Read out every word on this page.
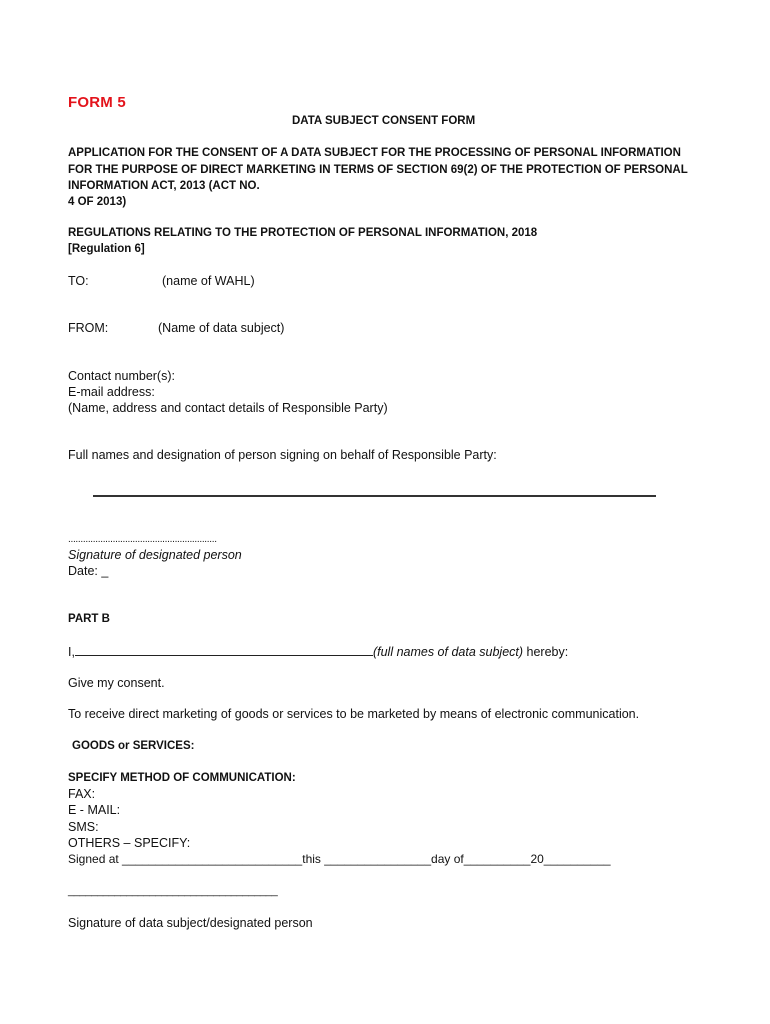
FORM 5
DATA SUBJECT CONSENT FORM
APPLICATION FOR THE CONSENT OF A DATA SUBJECT FOR THE PROCESSING OF PERSONAL INFORMATION
FOR THE PURPOSE OF DIRECT MARKETING IN TERMS OF SECTION 69(2) OF THE PROTECTION OF PERSONAL
INFORMATION ACT, 2013 (ACT NO.
4 OF 2013)
REGULATIONS RELATING TO THE PROTECTION OF PERSONAL INFORMATION, 2018
[Regulation 6]
TO:	(name of WAHL)
FROM:	(Name of data subject)
Contact number(s):
E-mail address:
(Name, address and contact details of Responsible Party)
Full names and designation of person signing on behalf of Responsible Party:
............................................................
Signature of designated person
Date: _
PART B
I,	(full names of data subject) hereby:
Give my consent.
To receive direct marketing of goods or services to be marketed by means of electronic communication.
GOODS or SERVICES:
SPECIFY METHOD OF COMMUNICATION:
FAX:
E - MAIL:
SMS:
OTHERS – SPECIFY:
Signed at ___________________________this ________________day of__________20__________
____________________________________
Signature of data subject/designated person
